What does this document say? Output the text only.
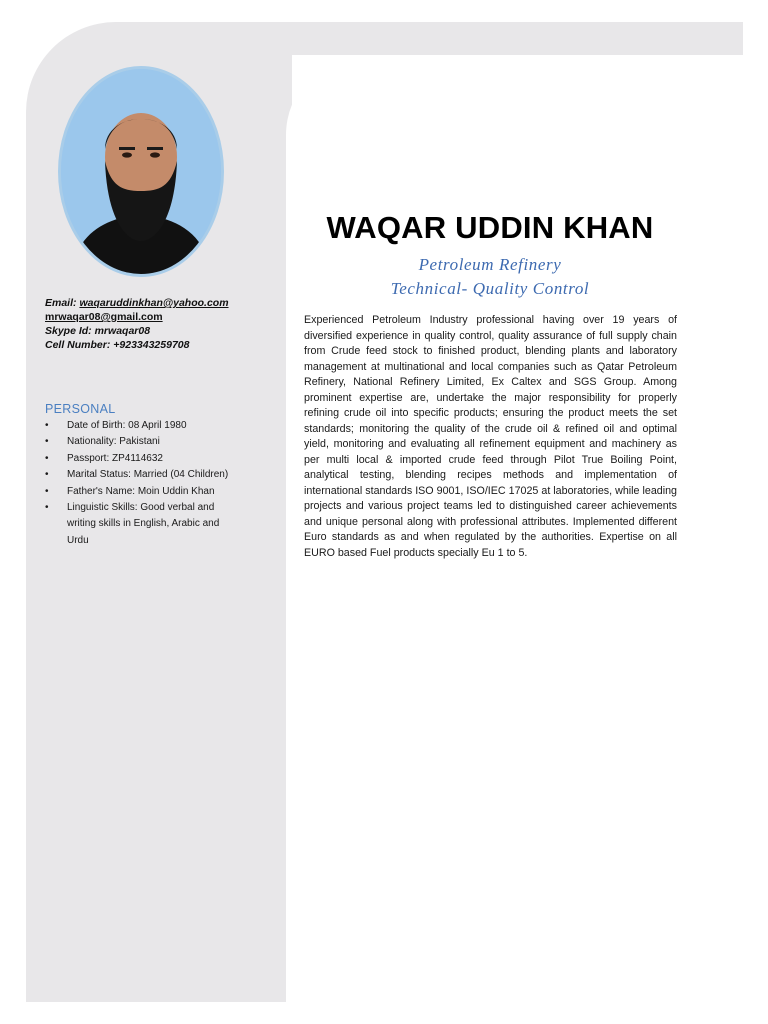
Email: waqaruddinkhan@yahoo.com
mrwaqar08@gmail.com
Skype Id: mrwaqar08
Cell Number: +923343259708
PERSONAL
• Date of Birth: 08 April 1980
• Nationality: Pakistani
• Passport: ZP4114632
• Marital Status: Married (04 Children)
• Father's Name: Moin Uddin Khan
• Linguistic Skills: Good verbal and writing skills in English, Arabic and Urdu
WAQAR UDDIN KHAN
Petroleum Refinery
Technical- Quality Control

Experienced Petroleum Industry professional having over 19 years of diversified experience in quality control, quality assurance of full supply chain from Crude feed stock to finished product, blending plants and laboratory management at multinational and local companies such as Qatar Petroleum Refinery, National Refinery Limited, Ex Caltex and SGS Group. Among prominent expertise are, undertake the major responsibility for properly refining crude oil into specific products; ensuring the product meets the set standards; monitoring the quality of the crude oil & refined oil and optimal yield, monitoring and evaluating all refinement equipment and machinery as per multi local & imported crude feed through Pilot True Boiling Point, analytical testing, blending recipes methods and implementation of international standards ISO 9001, ISO/IEC 17025 at laboratories, while leading projects and various project teams led to distinguished career achievements and unique personal along with professional attributes. Implemented different Euro standards as and when regulated by the authorities. Expertise on all EURO based Fuel products specially Eu 1 to 5.
